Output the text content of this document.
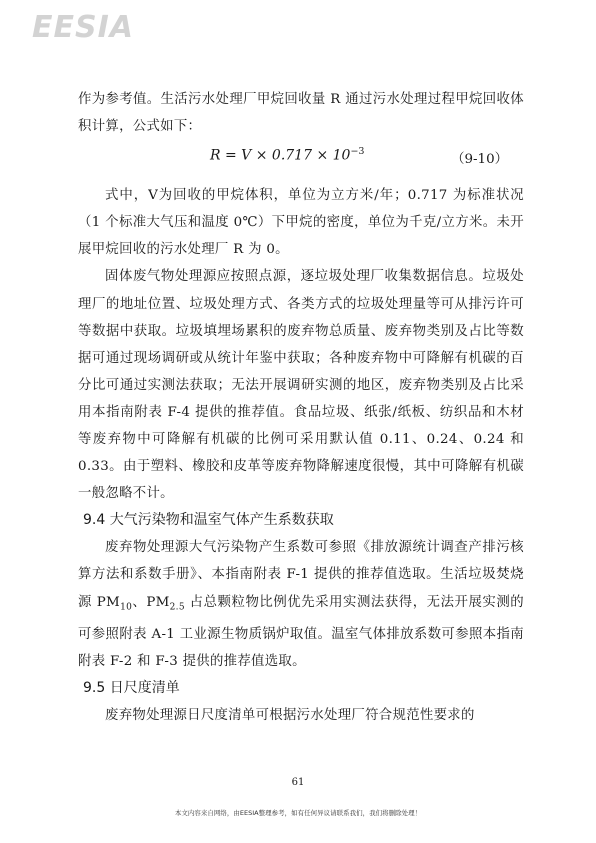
EESIA

作为参考值。生活污水处理厂甲烷回收量 R 通过污水处理过程甲烷回收体积计算，公式如下：

$R = V \times 0.717 \times 10^{-3}$
（9-10）

式中，V为回收的甲烷体积，单位为立方米/年；0.717 为标准状况（1 个标准大气压和温度 0℃）下甲烷的密度，单位为千克/立方米。未开展甲烷回收的污水处理厂 R 为 0。

固体废气物处理源应按照点源，逐垃圾处理厂收集数据信息。垃圾处理厂的地址位置、垃圾处理方式、各类方式的垃圾处理量等可从排污许可等数据中获取。垃圾填埋场累积的废弃物总质量、废弃物类别及占比等数据可通过现场调研或从统计年鉴中获取；各种废弃物中可降解有机碳的百分比可通过实测法获取；无法开展调研实测的地区，废弃物类别及占比采用本指南附表 F-4 提供的推荐值。食品垃圾、纸张/纸板、纺织品和木材等废弃物中可降解有机碳的比例可采用默认值 0.11、0.24、0.24 和 0.33。由于塑料、橡胶和皮革等废弃物降解速度很慢，其中可降解有机碳一般忽略不计。

9.4 大气污染物和温室气体产生系数获取

废弃物处理源大气污染物产生系数可参照《排放源统计调查产排污核算方法和系数手册》、本指南附表 F-1 提供的推荐值选取。生活垃圾焚烧源 $PM_{10}$、$PM_{2.5}$ 占总颗粒物比例优先采用实测法获得，无法开展实测的可参照附表 A-1 工业源生物质锅炉取值。温室气体排放系数可参照本指南附表 F-2 和 F-3 提供的推荐值选取。

9.5 日尺度清单

废弃物处理源日尺度清单可根据污水处理厂符合规范性要求的

61
本文内容来自网络，由EESIA整理参考，如有任何异议请联系我们，我们将删除处理！
